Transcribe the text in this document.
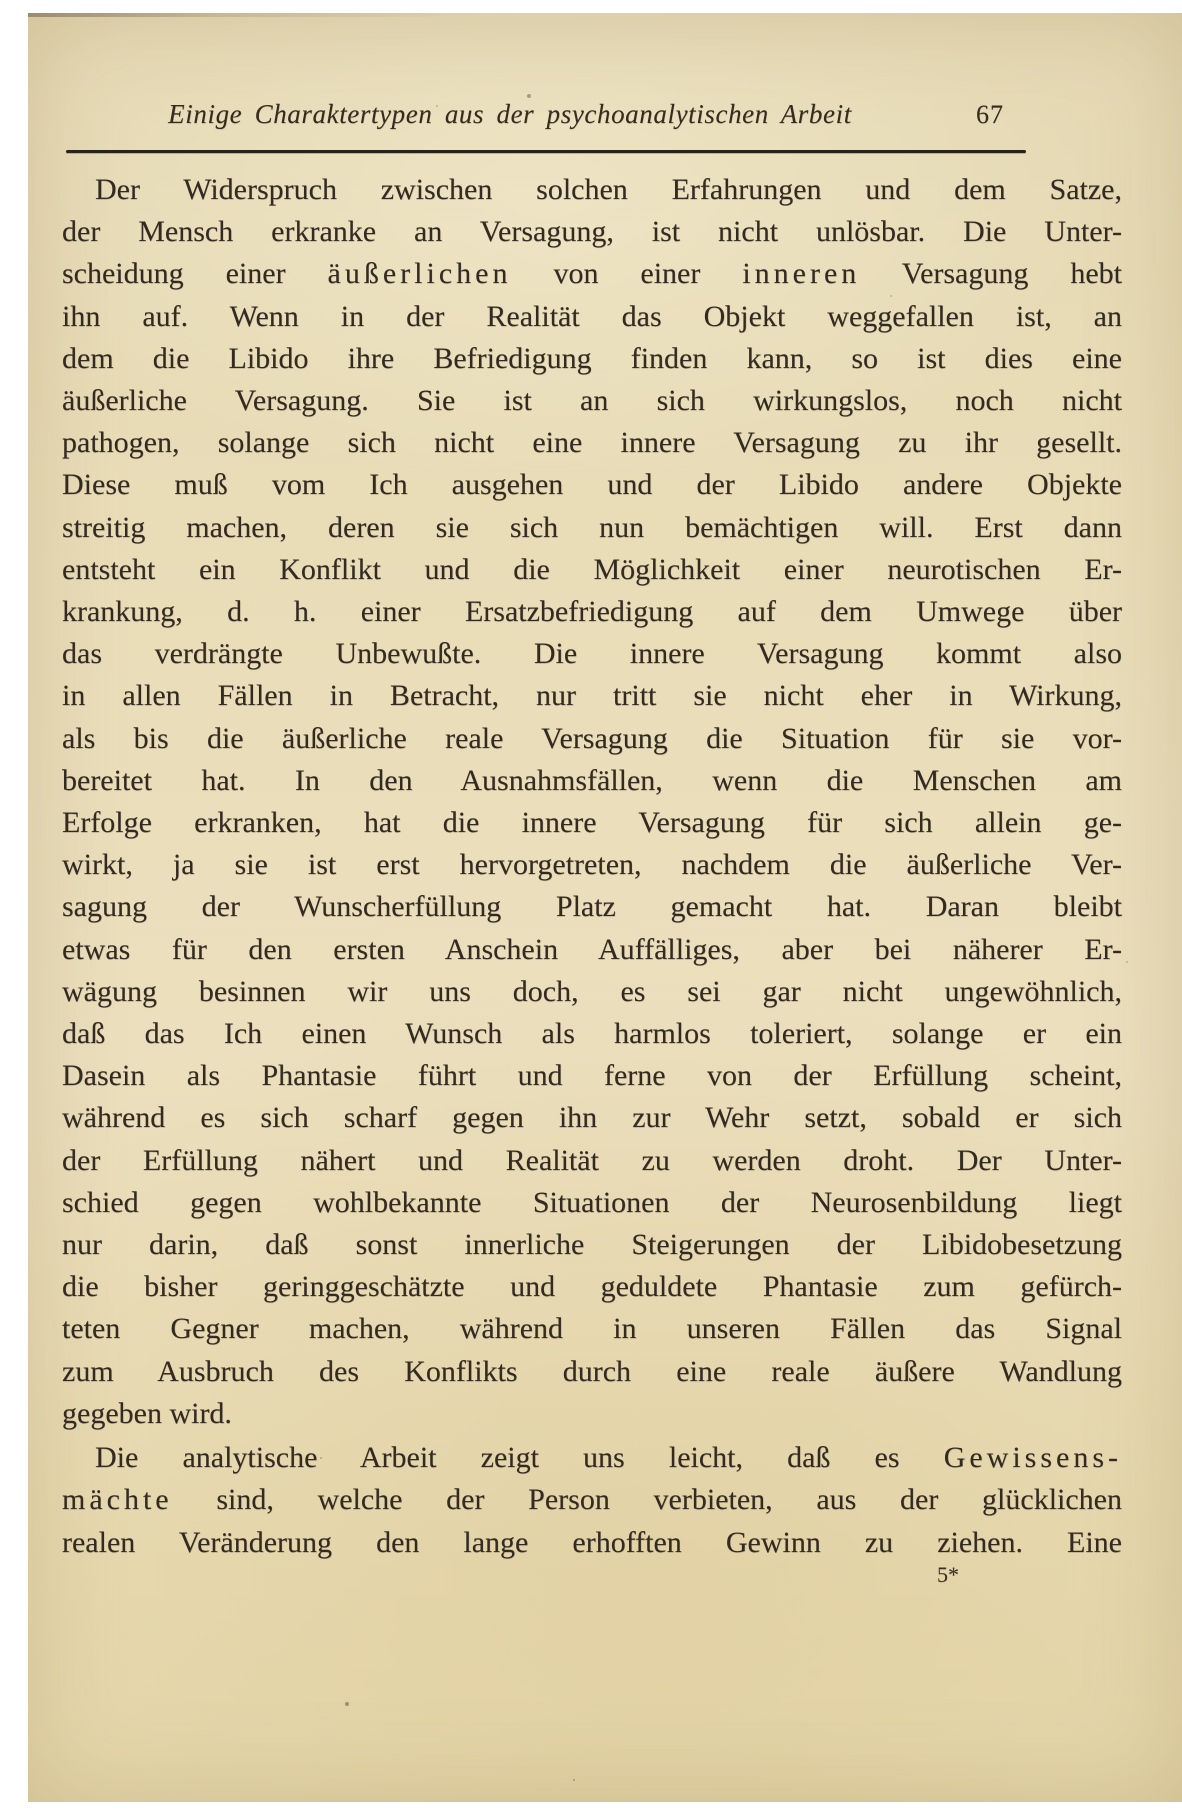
Einige Charaktertypen aus der psychoanalytischen Arbeit	67
Der Widerspruch zwischen solchen Erfahrungen und dem Satze,
der Mensch erkranke an Versagung, ist nicht unlösbar. Die Unter-
scheidung einer äußerlichen von einer inneren Versagung hebt
ihn auf. Wenn in der Realität das Objekt weggefallen ist, an
dem die Libido ihre Befriedigung finden kann, so ist dies eine
äußerliche Versagung. Sie ist an sich wirkungslos, noch nicht
pathogen, solange sich nicht eine innere Versagung zu ihr gesellt.
Diese muß vom Ich ausgehen und der Libido andere Objekte
streitig machen, deren sie sich nun bemächtigen will. Erst dann
entsteht ein Konflikt und die Möglichkeit einer neurotischen Er-
krankung, d. h. einer Ersatzbefriedigung auf dem Umwege über
das verdrängte Unbewußte. Die innere Versagung kommt also
in allen Fällen in Betracht, nur tritt sie nicht eher in Wirkung,
als bis die äußerliche reale Versagung die Situation für sie vor-
bereitet hat. In den Ausnahmsfällen, wenn die Menschen am
Erfolge erkranken, hat die innere Versagung für sich allein ge-
wirkt, ja sie ist erst hervorgetreten, nachdem die äußerliche Ver-
sagung der Wunscherfüllung Platz gemacht hat. Daran bleibt
etwas für den ersten Anschein Auffälliges, aber bei näherer Er-
wägung besinnen wir uns doch, es sei gar nicht ungewöhnlich,
daß das Ich einen Wunsch als harmlos toleriert, solange er ein
Dasein als Phantasie führt und ferne von der Erfüllung scheint,
während es sich scharf gegen ihn zur Wehr setzt, sobald er sich
der Erfüllung nähert und Realität zu werden droht. Der Unter-
schied gegen wohlbekannte Situationen der Neurosenbildung liegt
nur darin, daß sonst innerliche Steigerungen der Libidobesetzung
die bisher geringgeschätzte und geduldete Phantasie zum gefürch-
teten Gegner machen, während in unseren Fällen das Signal
zum Ausbruch des Konflikts durch eine reale äußere Wandlung
gegeben wird.
Die analytische Arbeit zeigt uns leicht, daß es Gewissens-
mächte sind, welche der Person verbieten, aus der glücklichen
realen Veränderung den lange erhofften Gewinn zu ziehen. Eine
5*
